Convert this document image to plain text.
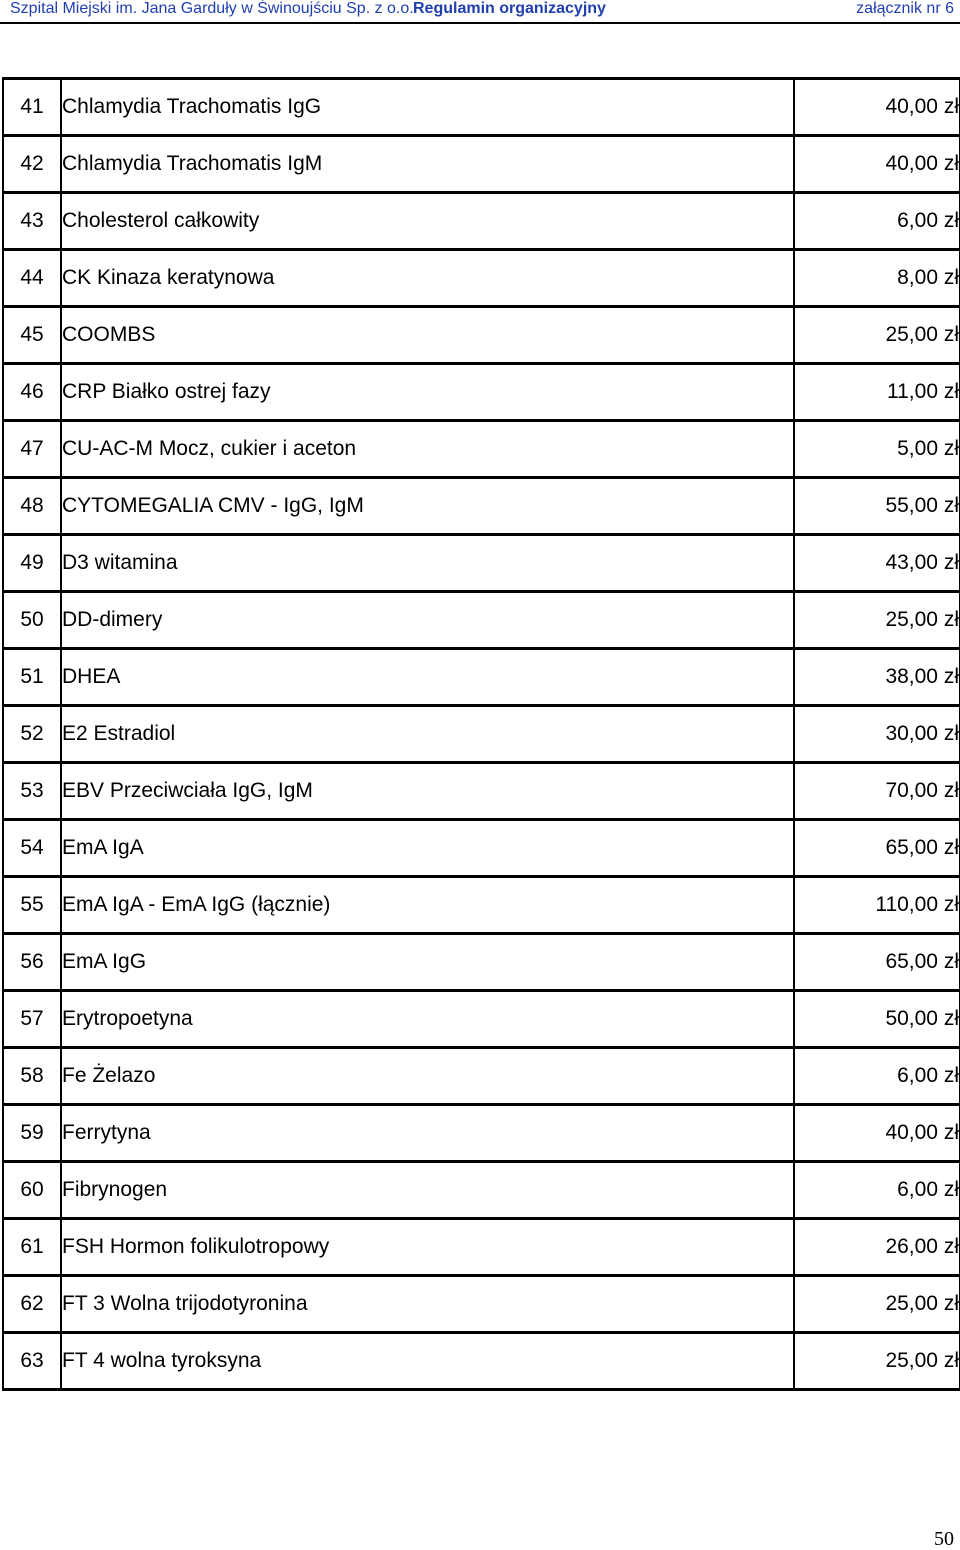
Szpital Miejski im. Jana Garduły w Świnoujściu Sp. z o.o. Regulamin organizacyjny	załącznik nr 6
41	Chlamydia Trachomatis IgG	40,00 zł
42	Chlamydia Trachomatis IgM	40,00 zł
43	Cholesterol całkowity	6,00 zł
44	CK Kinaza keratynowa	8,00 zł
45	COOMBS	25,00 zł
46	CRP Białko ostrej fazy	11,00 zł
47	CU-AC-M Mocz, cukier i aceton	5,00 zł
48	CYTOMEGALIA CMV - IgG, IgM	55,00 zł
49	D3 witamina	43,00 zł
50	DD-dimery	25,00 zł
51	DHEA	38,00 zł
52	E2 Estradiol	30,00 zł
53	EBV Przeciwciała IgG, IgM	70,00 zł
54	EmA IgA	65,00 zł
55	EmA IgA - EmA IgG (łącznie)	110,00 zł
56	EmA IgG	65,00 zł
57	Erytropoetyna	50,00 zł
58	Fe Żelazo	6,00 zł
59	Ferrytyna	40,00 zł
60	Fibrynogen	6,00 zł
61	FSH Hormon folikulotropowy	26,00 zł
62	FT 3 Wolna trijodotyronina	25,00 zł
63	FT 4 wolna tyroksyna	25,00 zł
50
